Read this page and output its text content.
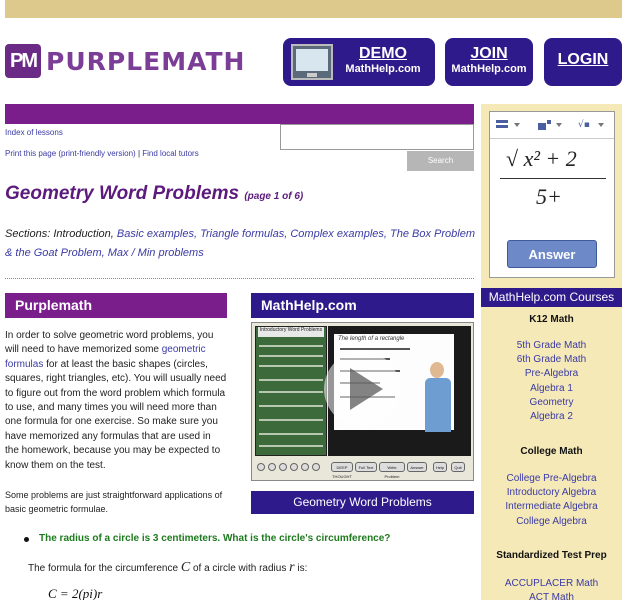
PM PURPLEMATH	DEMO
MathHelp.com
JOIN
MathHelp.com
LOGIN
Index of lessons
Print this page (print-friendly version) | Find local tutors
Search
Geometry Word Problems (page 1 of 6)
Sections: Introduction, Basic examples, Triangle formulas, Complex examples, The Box Problem & the Goat Problem, Max / Min problems
Purplemath	MathHelp.com
In order to solve geometric word problems, you will need to have memorized some geometric formulas for at least the basic shapes (circles, squares, right triangles, etc). You will usually need to figure out from the word problem which formula to use, and many times you will need more than one formula for one exercise. So make sure you have memorized any formulas that are used in the homework, because you may be expected to know them on the test.
Some problems are just straightforward applications of basic geometric formulae.
Introductory Word Problems
The length of a rectangle
DEEP THOUGHT
Full Text	Write Problem
Answer	Help	Quit
Geometry Word Problems
The radius of a circle is 3 centimeters. What is the circle's circumference?
The formula for the circumference C of a circle with radius r is:
C = 2(pi)r
√▪
√ x² + 2
5+
Answer
MathHelp.com Courses
K12 Math
5th Grade Math
6th Grade Math
Pre-Algebra
Algebra 1
Geometry
Algebra 2
College Math
College Pre-Algebra
Introductory Algebra
Intermediate Algebra
College Algebra
Standardized Test Prep
ACCUPLACER Math
ACT Math
